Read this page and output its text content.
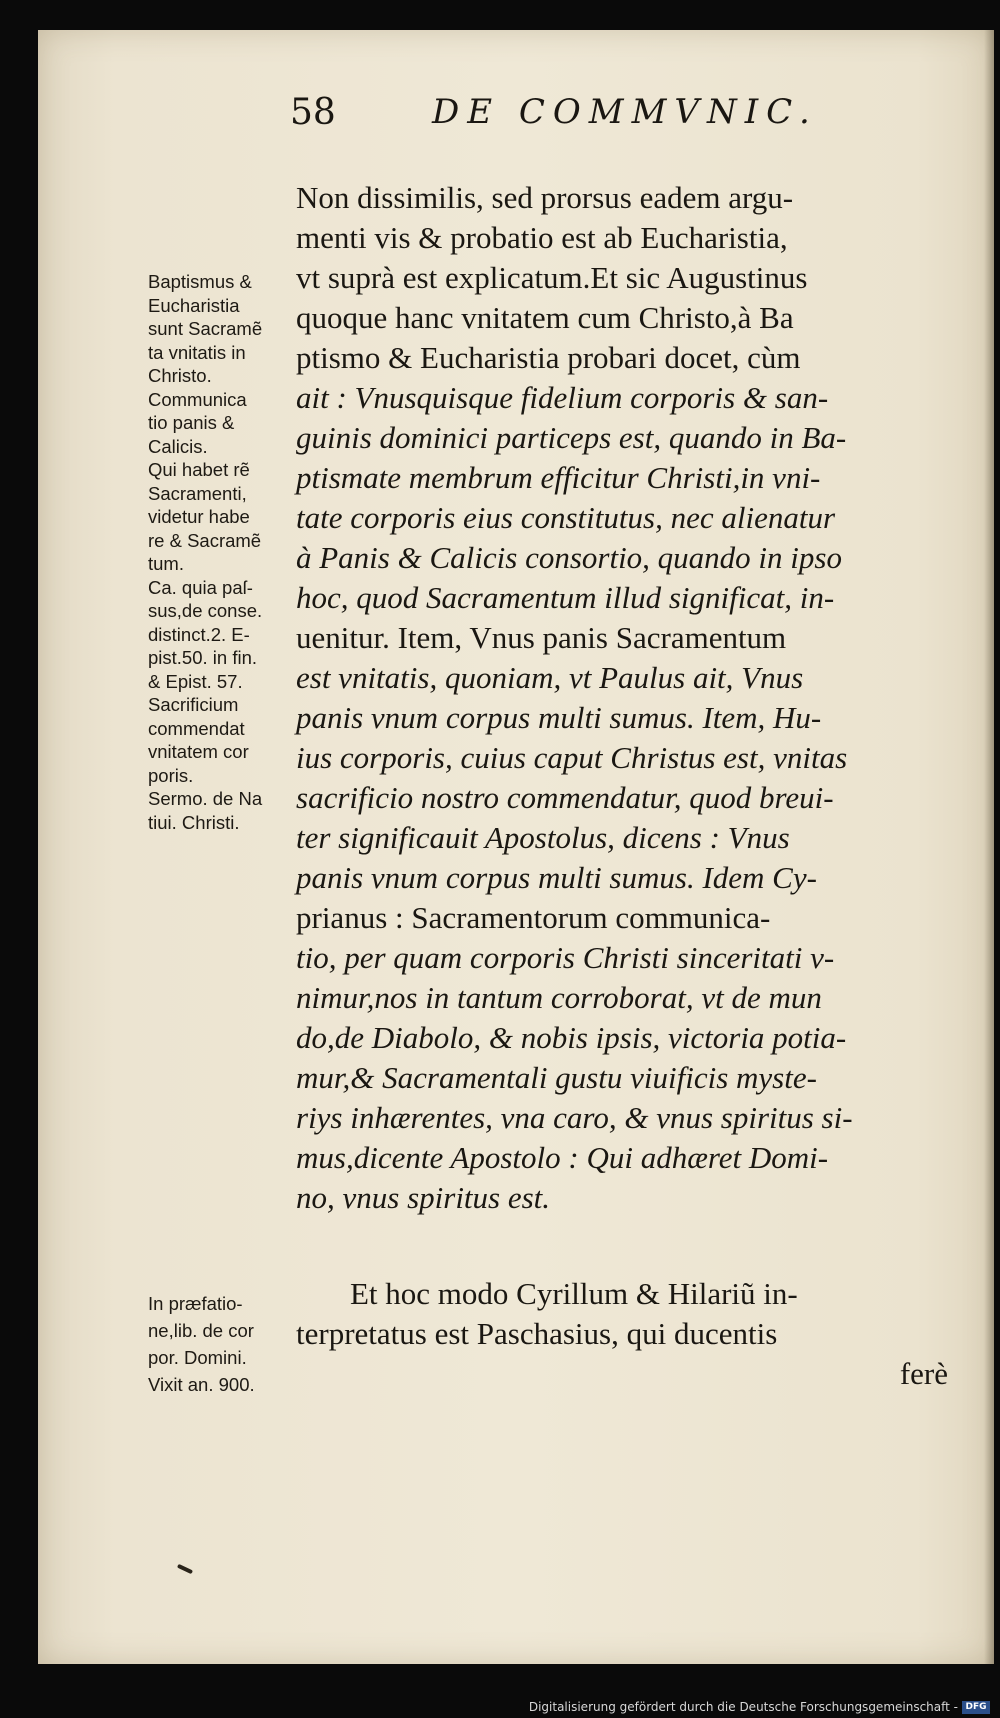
58	DE COMMVNIC.
Baptismus &
Eucharistia
sunt Sacramẽ
ta vnitatis in
Christo.
Communica
tio panis &
Calicis.
Qui habet rẽ
Sacramenti,
videtur habe
re & Sacramẽ
tum.
Ca. quia paſ-
sus,de conse.
distinct.2. E-
pist.50. in fin.
& Epist. 57.
Sacrificium
commendat
vnitatem cor
poris.
Sermo. de Na
tiui. Christi.
In præfatio-
ne,lib. de cor
por. Domini.
Vixit an. 900.
Non dissimilis, sed prorsus eadem argu-
menti vis & probatio est ab Eucharistia,
vt suprà est explicatum.Et sic Augustinus
quoque hanc vnitatem cum Christo,à Ba
ptismo & Eucharistia probari docet, cùm
ait : Vnusquisque fidelium corporis & san-
guinis dominici particeps est, quando in Ba-
ptismate membrum efficitur Christi,in vni-
tate corporis eius constitutus, nec alienatur
à Panis & Calicis consortio, quando in ipso
hoc, quod Sacramentum illud significat, in-
uenitur. Item, Vnus panis Sacramentum
est vnitatis, quoniam, vt Paulus ait, Vnus
panis vnum corpus multi sumus. Item, Hu-
ius corporis, cuius caput Christus est, vnitas
sacrificio nostro commendatur, quod breui-
ter significauit Apostolus, dicens : Vnus
panis vnum corpus multi sumus. Idem Cy-
prianus : Sacramentorum communica-
tio, per quam corporis Christi sinceritati v-
nimur,nos in tantum corroborat, vt de mun
do,de Diabolo, & nobis ipsis, victoria potia-
mur,& Sacramentali gustu viuificis myste-
riys inhærentes, vna caro, & vnus spiritus si-
mus,dicente Apostolo : Qui adhæret Domi-
no, vnus spiritus est.
Et hoc modo Cyrillum & Hilariũ in-
terpretatus est Paschasius, qui ducentis
ferè
Digitalisierung gefördert durch die Deutsche Forschungsgemeinschaft - DFG
